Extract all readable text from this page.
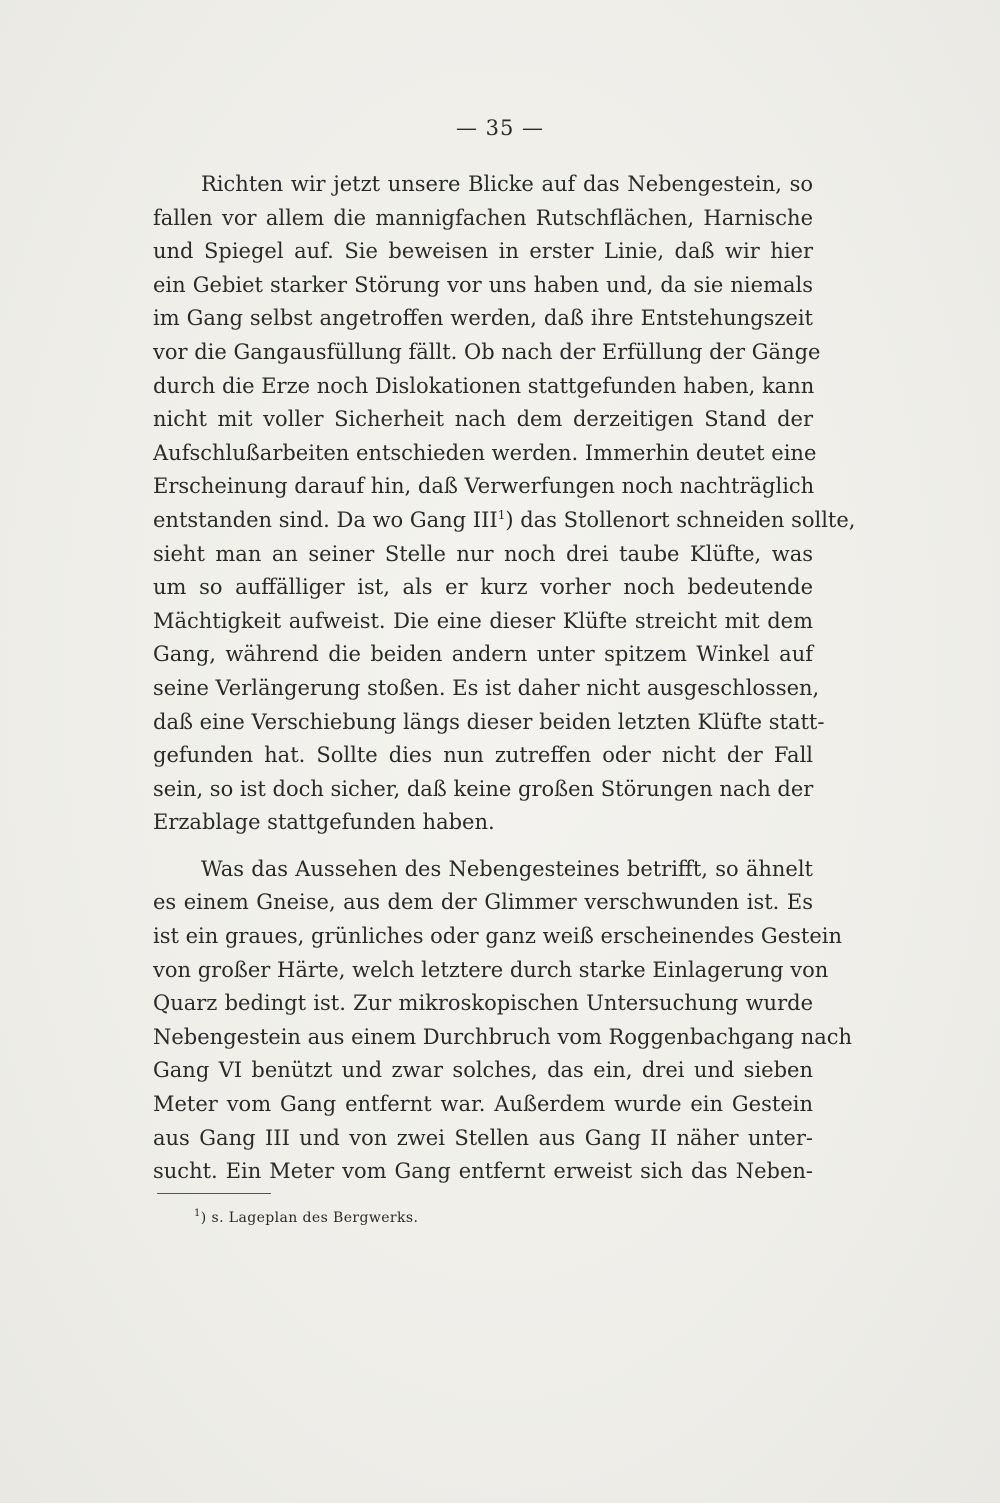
— 35 —
Richten wir jetzt unsere Blicke auf das Nebengestein, so
fallen vor allem die mannigfachen Rutschflächen, Harnische
und Spiegel auf. Sie beweisen in erster Linie, daß wir hier
ein Gebiet starker Störung vor uns haben und, da sie niemals
im Gang selbst angetroffen werden, daß ihre Entstehungszeit
vor die Gangausfüllung fällt. Ob nach der Erfüllung der Gänge
durch die Erze noch Dislokationen stattgefunden haben, kann
nicht mit voller Sicherheit nach dem derzeitigen Stand der
Aufschlußarbeiten entschieden werden. Immerhin deutet eine
Erscheinung darauf hin, daß Verwerfungen noch nachträglich
entstanden sind. Da wo Gang III$^1$) das Stollenort schneiden sollte,
sieht man an seiner Stelle nur noch drei taube Klüfte, was
um so auffälliger ist, als er kurz vorher noch bedeutende
Mächtigkeit aufweist. Die eine dieser Klüfte streicht mit dem
Gang, während die beiden andern unter spitzem Winkel auf
seine Verlängerung stoßen. Es ist daher nicht ausgeschlossen,
daß eine Verschiebung längs dieser beiden letzten Klüfte statt-
gefunden hat. Sollte dies nun zutreffen oder nicht der Fall
sein, so ist doch sicher, daß keine großen Störungen nach der
Erzablage stattgefunden haben.
Was das Aussehen des Nebengesteines betrifft, so ähnelt
es einem Gneise, aus dem der Glimmer verschwunden ist. Es
ist ein graues, grünliches oder ganz weiß erscheinendes Gestein
von großer Härte, welch letztere durch starke Einlagerung von
Quarz bedingt ist. Zur mikroskopischen Untersuchung wurde
Nebengestein aus einem Durchbruch vom Roggenbachgang nach
Gang VI benützt und zwar solches, das ein, drei und sieben
Meter vom Gang entfernt war. Außerdem wurde ein Gestein
aus Gang III und von zwei Stellen aus Gang II näher unter-
sucht. Ein Meter vom Gang entfernt erweist sich das Neben-
$^1$) s. Lageplan des Bergwerks.
